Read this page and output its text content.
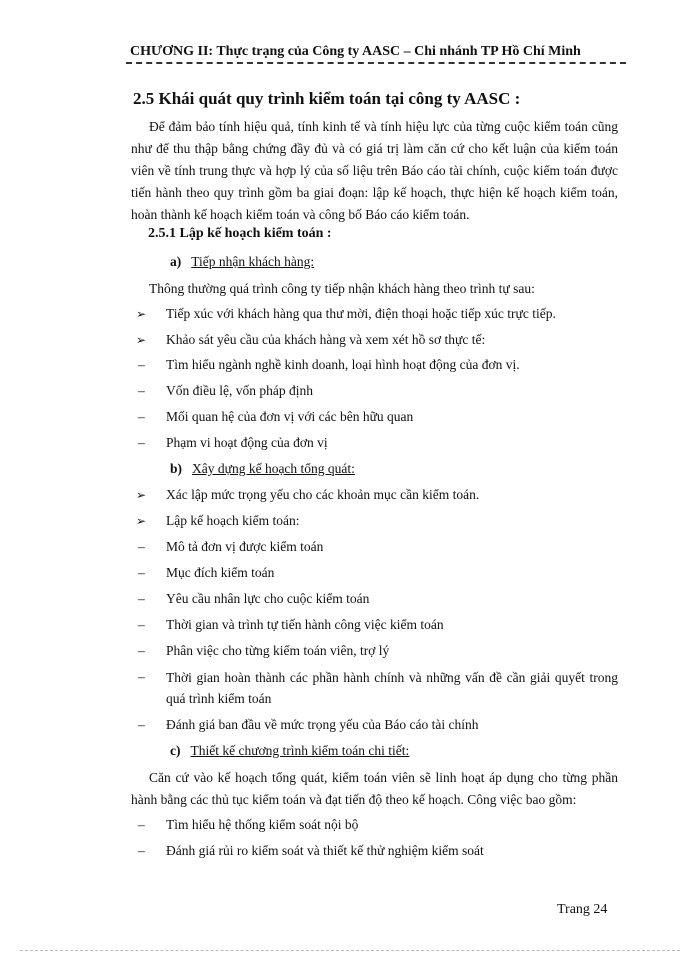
CHƯƠNG II: Thực trạng của Công ty AASC – Chi nhánh TP Hồ Chí Minh
2.5 Khái quát quy trình kiểm toán tại công ty AASC :

Để đảm bảo tính hiệu quả, tính kinh tế và tính hiệu lực của từng cuộc kiểm toán cũng như để thu thập bằng chứng đầy đủ và có giá trị làm căn cứ cho kết luận của kiểm toán viên về tính trung thực và hợp lý của số liệu trên Báo cáo tài chính, cuộc kiểm toán được tiến hành theo quy trình gồm ba giai đoạn: lập kế hoạch, thực hiện kế hoạch kiểm toán, hoàn thành kế hoạch kiểm toán và công bố Báo cáo kiểm toán.

2.5.1 Lập kế hoạch kiểm toán :
a) Tiếp nhận khách hàng:
Thông thường quá trình công ty tiếp nhận khách hàng theo trình tự sau:
➢ Tiếp xúc với khách hàng qua thư mời, điện thoại hoặc tiếp xúc trực tiếp.
➢ Khảo sát yêu cầu của khách hàng và xem xét hồ sơ thực tế:
– Tìm hiểu ngành nghề kinh doanh, loại hình hoạt động của đơn vị.
– Vốn điều lệ, vốn pháp định
– Mối quan hệ của đơn vị với các bên hữu quan
– Phạm vi hoạt động của đơn vị
b) Xây dựng kế hoạch tổng quát:
➢ Xác lập mức trọng yếu cho các khoản mục cần kiểm toán.
➢ Lập kế hoạch kiểm toán:
– Mô tả đơn vị được kiểm toán
– Mục đích kiểm toán
– Yêu cầu nhân lực cho cuộc kiểm toán
– Thời gian và trình tự tiến hành công việc kiểm toán
– Phân việc cho từng kiểm toán viên, trợ lý
– Thời gian hoàn thành các phần hành chính và những vấn đề cần giải quyết trong quá trình kiểm toán

– Đánh giá ban đầu về mức trọng yếu của Báo cáo tài chính
c) Thiết kế chương trình kiểm toán chi tiết:

Căn cứ vào kế hoạch tổng quát, kiểm toán viên sẽ linh hoạt áp dụng cho từng phần hành bằng các thủ tục kiểm toán và đạt tiến độ theo kế hoạch. Công việc bao gồm:

– Tìm hiểu hệ thống kiểm soát nội bộ
– Đánh giá rủi ro kiểm soát và thiết kế thử nghiệm kiểm soát
Trang 24
